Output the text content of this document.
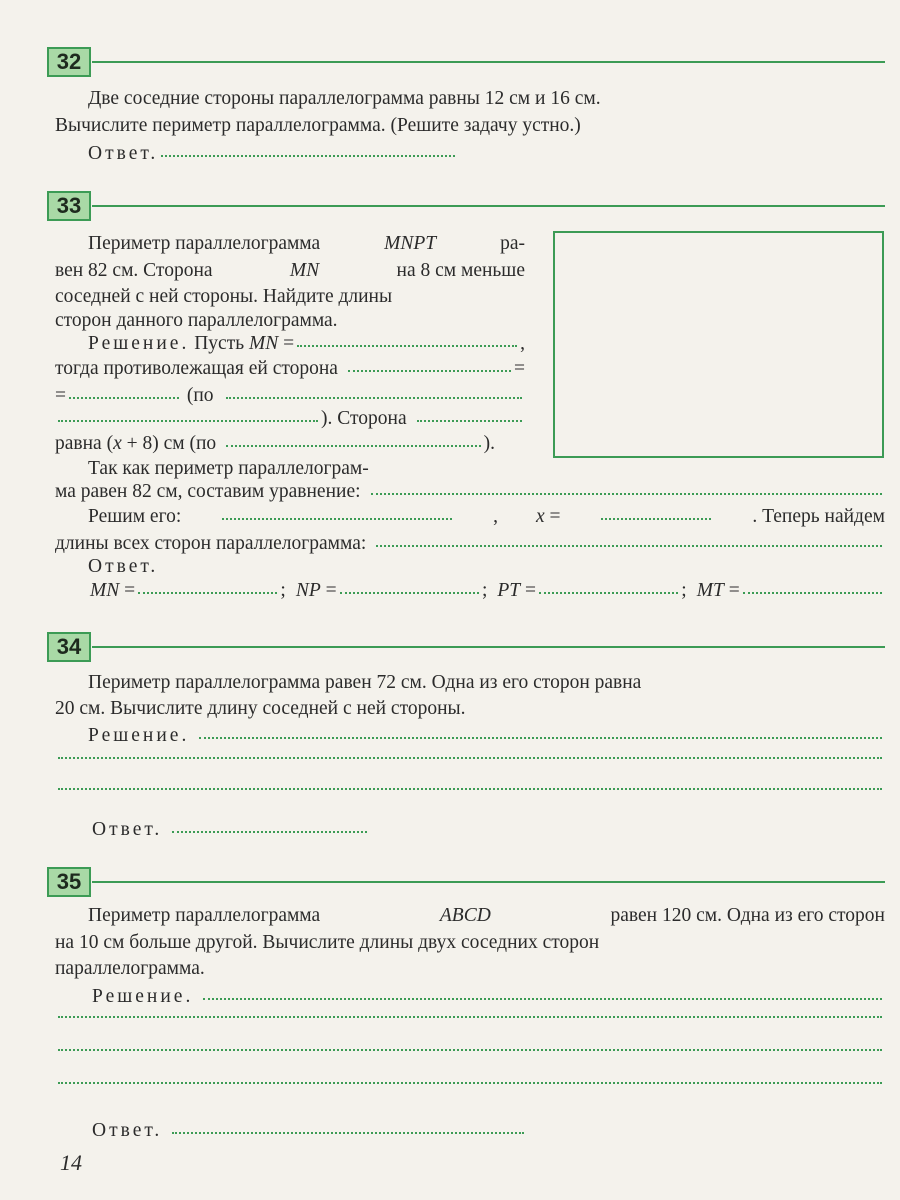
32
Две соседние стороны параллелограмма равны 12 см и 16 см.
Вычислите периметр параллелограмма. (Решите задачу устно.)
Ответ.
33
Периметр параллелограмма	MNPT	ра-
вен 82 см. Сторона	MN	на 8 см меньше
соседней с ней стороны. Найдите длины
сторон данного параллелограмма.
Решение. Пусть MN =	,
тогда противолежащая ей сторона	=
=	(по
). Сторона
равна ( x + 8) см (по	).
Так как периметр параллелограм-
ма равен 82 см, составим уравнение:
Решим его:	, x =	. Теперь найдем
длины всех сторон параллелограмма:
Ответ.
MN =	; NP =	; PT =	; MT =
34
Периметр параллелограмма равен 72 см. Одна из его сторон равна
20 см. Вычислите длину соседней с ней стороны.
Решение.
Ответ.
35
Периметр параллелограмма	ABCD	равен 120 см. Одна из его сторон
на 10 см больше другой. Вычислите длины двух соседних сторон
параллелограмма.
Решение.
Ответ.
14
